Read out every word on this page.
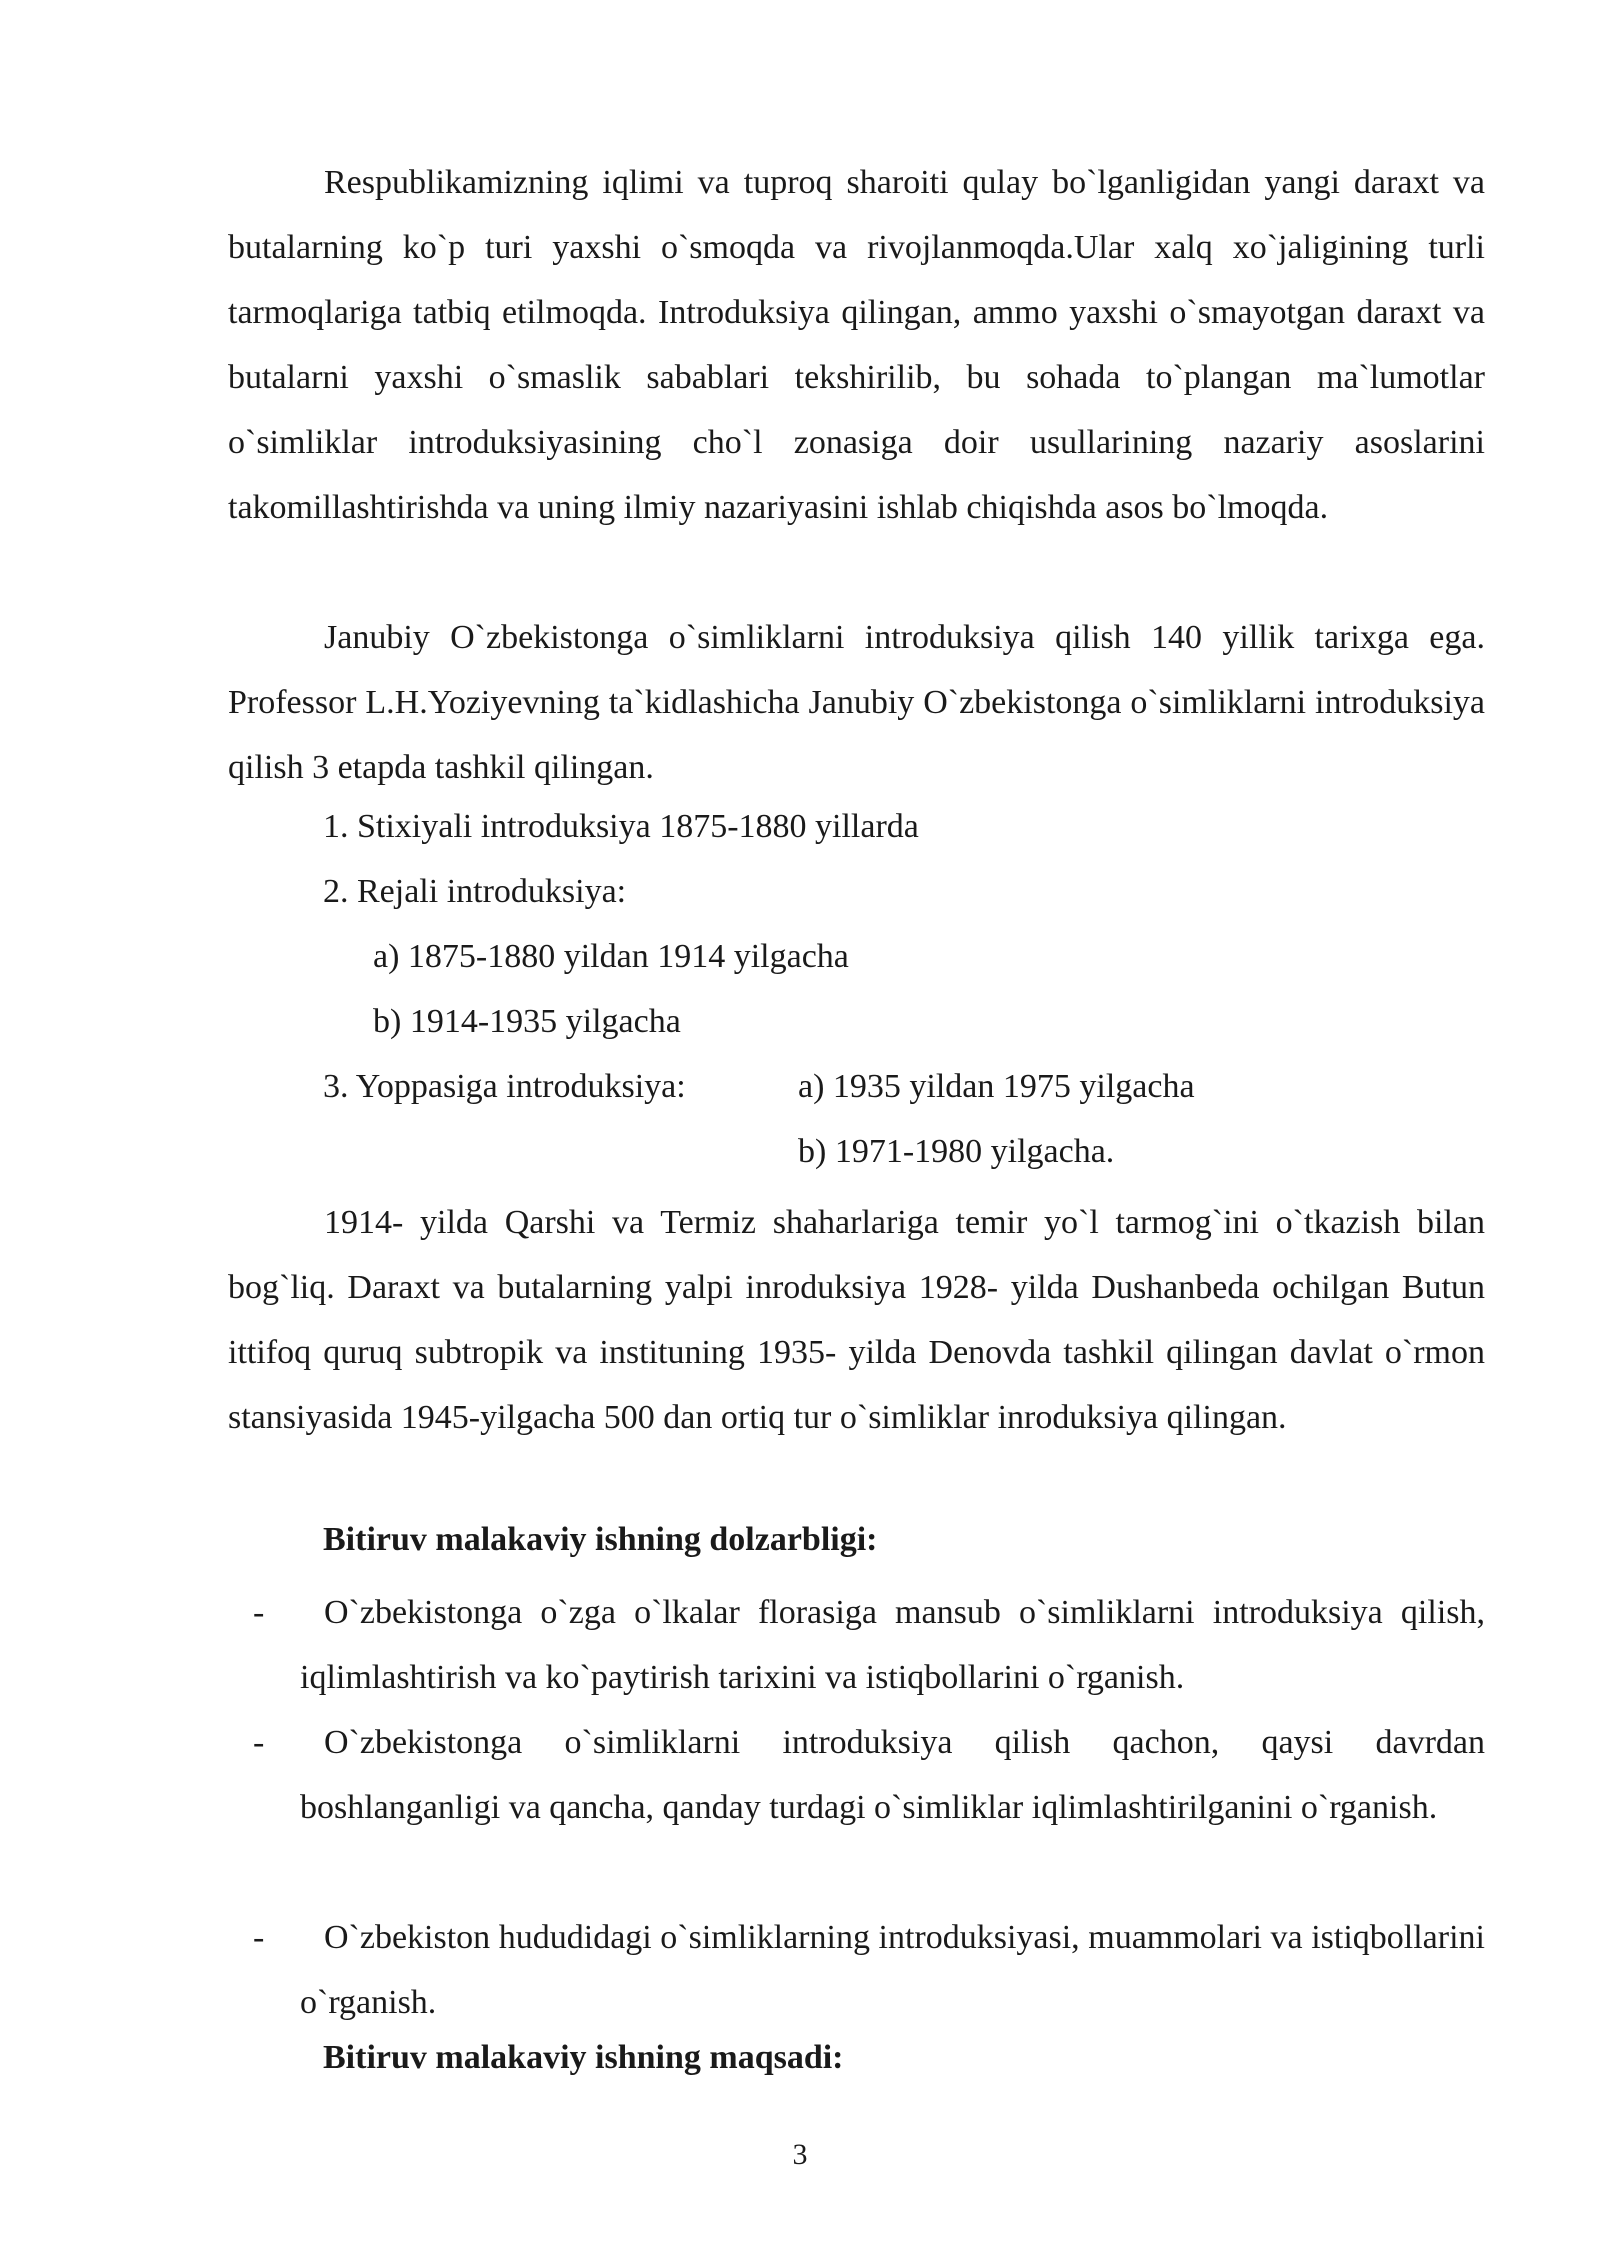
Respublikamizning iqlimi va tuproq sharoiti qulay bo`lganligidan yangi daraxt va butalarning ko`p turi yaxshi o`smoqda va rivojlanmoqda.Ular xalq xo`jaligining turli tarmoqlariga tatbiq etilmoqda. Introduksiya qilingan, ammo yaxshi o`smayotgan daraxt va butalarni yaxshi o`smaslik sabablari tekshirilib, bu sohada to`plangan ma`lumotlar o`simliklar introduksiyasining cho`l zonasiga doir usullarining nazariy asoslarini takomillashtirishda va uning ilmiy nazariyasini ishlab chiqishda asos bo`lmoqda.

Janubiy O`zbekistonga o`simliklarni introduksiya qilish 140 yillik tarixga ega. Professor L.H.Yoziyevning ta`kidlashicha Janubiy O`zbekistonga o`simliklarni introduksiya qilish 3 etapda tashkil qilingan.

1. Stixiyali introduksiya 1875-1880 yillarda
2. Rejali introduksiya:
a) 1875-1880 yildan 1914 yilgacha
b) 1914-1935 yilgacha
3. Yoppasiga introduksiya:	a) 1935 yildan 1975 yilgacha
b) 1971-1980 yilgacha.

1914- yilda Qarshi va Termiz shaharlariga temir yo`l tarmog`ini o`tkazish bilan bog`liq. Daraxt va butalarning yalpi inroduksiya 1928- yilda Dushanbeda ochilgan Butun ittifoq quruq subtropik va instituning 1935- yilda Denovda tashkil qilingan davlat o`rmon stansiyasida 1945-yilgacha 500 dan ortiq tur o`simliklar inroduksiya qilingan.

Bitiruv malakaviy ishning dolzarbligi:
-	O`zbekistonga o`zga o`lkalar florasiga mansub o`simliklarni introduksiya qilish, iqlimlashtirish va ko`paytirish tarixini va istiqbollarini o`rganish.
-	O`zbekistonga o`simliklarni introduksiya qilish qachon, qaysi davrdan boshlanganligi va qancha, qanday turdagi o`simliklar iqlimlashtirilganini o`rganish.
-	O`zbekiston hududidagi o`simliklarning introduksiyasi, muammolari va istiqbollarini o`rganish.
Bitiruv malakaviy ishning maqsadi:
3
